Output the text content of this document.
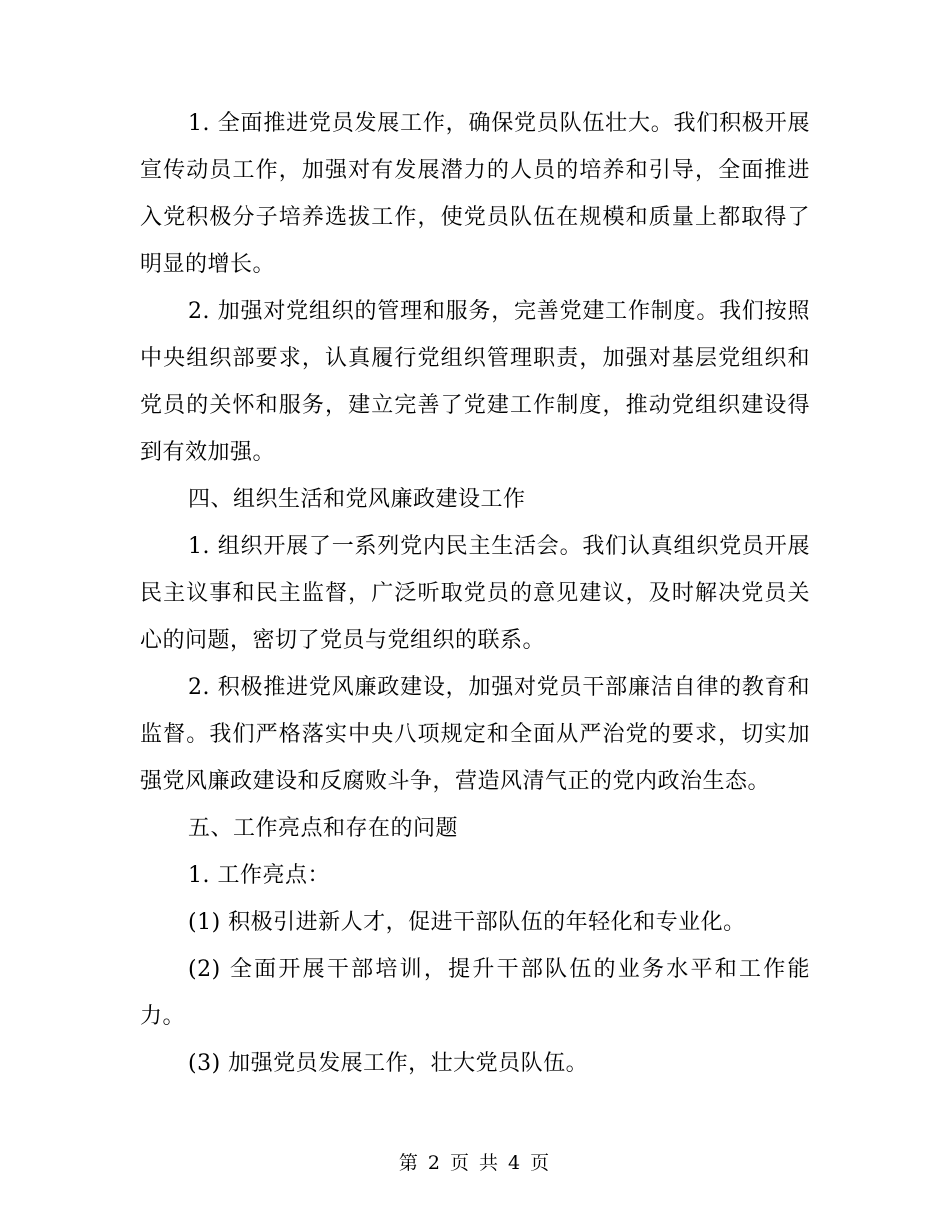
1. 全面推进党员发展工作，确保党员队伍壮大。我们积极开展宣传动员工作，加强对有发展潜力的人员的培养和引导，全面推进入党积极分子培养选拔工作，使党员队伍在规模和质量上都取得了明显的增长。

2. 加强对党组织的管理和服务，完善党建工作制度。我们按照中央组织部要求，认真履行党组织管理职责，加强对基层党组织和党员的关怀和服务，建立完善了党建工作制度，推动党组织建设得到有效加强。

四、组织生活和党风廉政建设工作

1. 组织开展了一系列党内民主生活会。我们认真组织党员开展民主议事和民主监督，广泛听取党员的意见建议，及时解决党员关心的问题，密切了党员与党组织的联系。

2. 积极推进党风廉政建设，加强对党员干部廉洁自律的教育和监督。我们严格落实中央八项规定和全面从严治党的要求，切实加强党风廉政建设和反腐败斗争，营造风清气正的党内政治生态。

五、工作亮点和存在的问题

1. 工作亮点：

(1) 积极引进新人才，促进干部队伍的年轻化和专业化。

(2) 全面开展干部培训，提升干部队伍的业务水平和工作能力。

(3) 加强党员发展工作，壮大党员队伍。

第 2 页 共 4 页
